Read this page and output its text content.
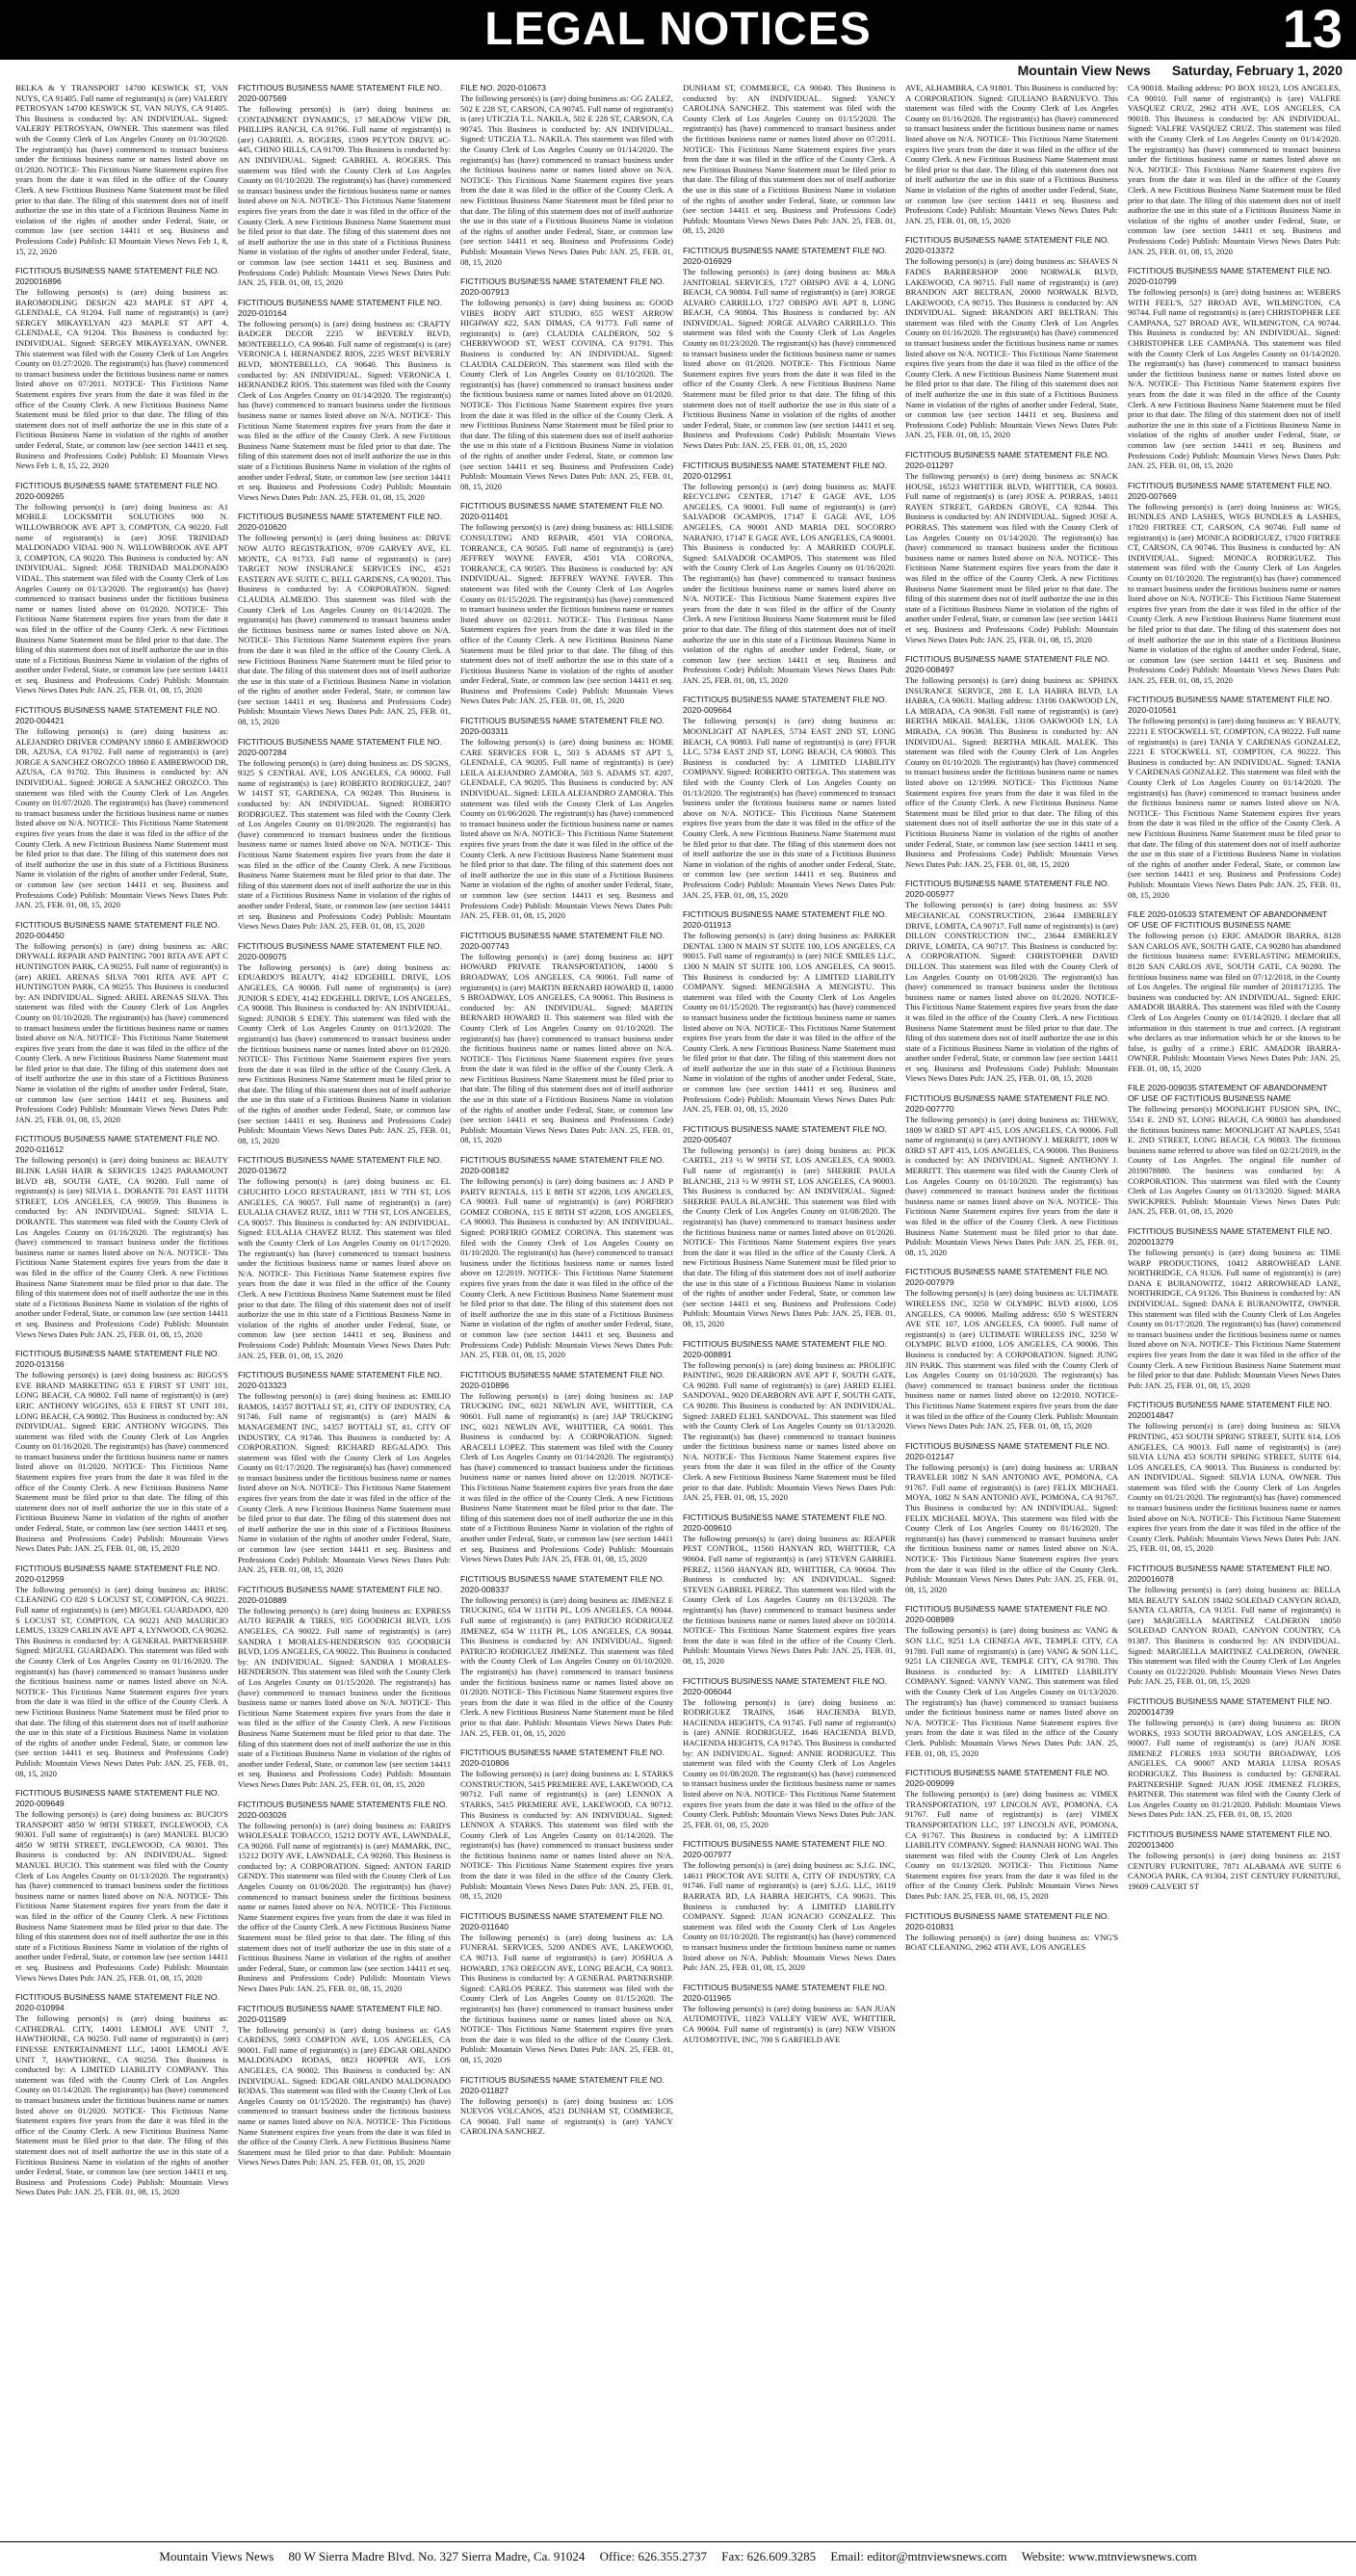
LEGAL NOTICES	13
Mountain View News Saturday, February 1, 2020

BELKA & Y TRANSPORT 14700 KESWICK ST, VAN NUYS, CA 91405. Full name of registrant(s) is (are) VALERIY PETROSYAN 14700 KESWICK ST, VAN NUYS, CA 91405. This Business is conducted by: AN INDIVIDUAL. Signed: VALERIY PETROSYAN, OWNER. This statement was filed with the County Clerk of Los Angeles County on 01/30/2020. The registrant(s) has (have) commenced to transact business under the fictitious business name or names listed above on 01/2020. NOTICE- This Fictitious Name Statement expires five years from the date it was filed in the office of the County Clerk. A new Fictitious Business Name Statement must be filed prior to that date. The filing of this statement does not of itself authorize the use in this state of a Fictitious Business Name in violation of the rights of another under Federal, State, or common law (see section 14411 et seq. Business and Professions Code) Publish: El Mountain Views News Feb 1, 8, 15, 22, 2020

FICTITIOUS BUSINESS NAME STATEMENT FILE NO. 2020016896

The following person(s) is (are) doing business as: BAROMODLING DESIGN 423 MAPLE ST APT 4, GLENDALE, CA 91204. Full name of registrant(s) is (are) SERGEY MIKAYELYAN 423 MAPLE ST APT 4, GLENDALE, CA 91204. This Business is conducted by: INDIVIDUAL. Signed: SERGEY MIKAYELYAN, OWNER. This statement was filed with the County Clerk of Los Angeles County on 01/27/2020. The registrant(s) has (have) commenced to transact business under the fictitious business name or names listed above on 07/2011. NOTICE- This Fictitious Name Statement expires five years from the date it was filed in the office of the County Clerk. A new Fictitious Business Name Statement must be filed prior to that date. The filing of this statement does not of itself authorize the use in this state of a Fictitious Business Name in violation of the rights of another under Federal, State, or common law (see section 14411 et seq. Business and Professions Code) Publish: El Mountain Views News Feb 1, 8, 15, 22, 2020

FICTITIOUS BUSINESS NAME STATEMENT FILE NO. 2020-009265

The following person(s) is (are) doing business as: A1 MOBILE LOCKSMITH SOLUTIONS 900 N. WILLOWBROOK AVE APT 3, COMPTON, CA 90220. Full name of registrant(s) is (are) JOSE TRINIDAD MALDONADO VIDAL 900 N. WILLOWBROOK AVE APT 3, COMPTON, CA 90220. This Business is conducted by: AN INDIVIDUAL. Signed: JOSE TRINIDAD MALDONADO VIDAL. This statement was filed with the County Clerk of Los Angeles County on 01/13/2020. The registrant(s) has (have) commenced to transact business under the fictitious business name or names listed above on 01/2020. NOTICE- This Fictitious Name Statement expires five years from the date it was filed in the office of the County Clerk. A new Fictitious Business Name Statement must be filed prior to that date. The filing of this statement does not of itself authorize the use in this state of a Fictitious Business Name in violation of the rights of another under Federal, State, or common law (see section 14411 et seq. Business and Professions Code) Publish: Mountain Views News Dates Pub: JAN. 25, FEB. 01, 08, 15, 2020

FICTITIOUS BUSINESS NAME STATEMENT FILE NO. 2020-004421

The following person(s) is (are) doing business as: ALEJANDRO DRIVER COMPANY 18860 E AMBERWOOD DR, AZUSA, CA 91702. Full name of registrant(s) is (are) JORGE A SANCHEZ OROZCO 18860 E AMBERWOOD DR, AZUSA, CA 91702. This Business is conducted by: AN INDIVIDUAL. Signed: JORGE A SANCHEZ OROZCO. This statement was filed with the County Clerk of Los Angeles County on 01/07/2020. The registrant(s) has (have) commenced to transact business under the fictitious business name or names listed above on N/A. NOTICE- This Fictitious Name Statement expires five years from the date it was filed in the office of the County Clerk. A new Fictitious Business Name Statement must be filed prior to that date. The filing of this statement does not of itself authorize the use in this state of a Fictitious Business Name in violation of the rights of another under Federal, State, or common law (see section 14411 et seq. Business and Professions Code) Publish: Mountain Views News Dates Pub: JAN. 25, FEB. 01, 08, 15, 2020

FICTITIOUS BUSINESS NAME STATEMENT FILE NO. 2020-004450

The following person(s) is (are) doing business as: ARC DRYWALL REPAIR AND PAINTING 7001 RITA AVE APT C HUNTINGTON PARK, CA 90255. Full name of registrant(s) is (are) ARIEL ARENAS SILVA 7001 RITA AVE APT C HUNTINGTON PARK, CA 90255. This Business is conducted by: AN INDIVIDUAL. Signed: ARIEL ARENAS SILVA. This statement was filed with the County Clerk of Los Angeles County on 01/10/2020. The registrant(s) has (have) commenced to transact business under the fictitious business name or names listed above on N/A. NOTICE- This Fictitious Name Statement expires five years from the date it was filed in the office of the County Clerk. A new Fictitious Business Name Statement must be filed prior to that date. The filing of this statement does not of itself authorize the use in this state of a Fictitious Business Name in violation of the rights of another under Federal, State, or common law (see section 14411 et seq. Business and Professions Code) Publish: Mountain Views News Dates Pub: JAN. 25, FEB. 01, 08, 15, 2020

FICTITIOUS BUSINESS NAME STATEMENT FILE NO. 2020-011612

The following person(s) is (are) doing business as: BEAUTY BLINK LASH HAIR & SERVICES 12425 PARAMOUNT BLVD #B, SOUTH GATE, CA 90280. Full name of registrant(s) is (are) SILVIA L. DORANTE 701 EAST 111TH STREET, LOS ANGELES, CA 90059. This Business is conducted by: AN INDIVIDUAL. Signed: SILVIA L. DORANTE. This statement was filed with the County Clerk of Los Angeles County on 01/16/2020. The registrant(s) has (have) commenced to transact business under the fictitious business name or names listed above on N/A. NOTICE- This Fictitious Name Statement expires five years from the date it was filed in the office of the County Clerk. A new Fictitious Business Name Statement must be filed prior to that date. The filing of this statement does not of itself authorize the use in this state of a Fictitious Business Name in violation of the rights of another under Federal, State, or common law (see section 14411 et seq. Business and Professions Code) Publish: Mountain Views News Dates Pub: JAN. 25, FEB. 01, 08, 15, 2020

FICTITIOUS BUSINESS NAME STATEMENT FILE NO. 2020-013156

The following person(s) is (are) doing business as: BIGGS'S EVE BRAND MARKETING 653 E FIRST ST UNIT 101, LONG BEACH, CA 90802. Full name of registrant(s) is (are) ERIC ANTHONY WIGGINS, 653 E FIRST ST UNIT 101, LONG BEACH, CA 90802. This Business is conducted by: AN INDIVIDUAL. Signed: ERIC ANTHONY WIGGINS. This statement was filed with the County Clerk of Los Angeles County on 01/16/2020. The registrant(s) has (have) commenced to transact business under the fictitious business name or names listed above on 01/2020. NOTICE- This Fictitious Name Statement expires five years from the date it was filed in the office of the County Clerk. A new Fictitious Business Name Statement must be filed prior to that date. The filing of this statement does not of itself authorize the use in this state of a Fictitious Business Name in violation of the rights of another under Federal, State, or common law (see section 14411 et seq. Business and Professions Code) Publish: Mountain Views News Dates Pub: JAN. 25, FEB. 01, 08, 15, 2020

FICTITIOUS BUSINESS NAME STATEMENT FILE NO. 2020-012959

The following person(s) is (are) doing business as: BRISC CLEANING CO 820 S LOCUST ST, COMPTON, CA 90221. Full name of registrant(s) is (are) MIGUEL GUARDADO, 820 S LOCUST ST, COMPTON, CA 90221 AND MAURICIO LEMUS, 13329 CARLIN AVE APT 4, LYNWOOD, CA 90262. This Business is conducted by: A GENERAL PARTNERSHIP. Signed: MIGUEL GUARDADO. This statement was filed with the County Clerk of Los Angeles County on 01/16/2020. The registrant(s) has (have) commenced to transact business under the fictitious business name or names listed above on N/A. NOTICE- This Fictitious Name Statement expires five years from the date it was filed in the office of the County Clerk. A new Fictitious Business Name Statement must be filed prior to that date. The filing of this statement does not of itself authorize the use in this state of a Fictitious Business Name in violation of the rights of another under Federal, State, or common law (see section 14411 et seq. Business and Professions Code) Publish: Mountain Views News Dates Pub: JAN. 25, FEB. 01, 08, 15, 2020

FICTITIOUS BUSINESS NAME STATEMENT FILE NO. 2020-009649

The following person(s) is (are) doing business as: BUCIO'S TRANSPORT 4850 W 98TH STREET, INGLEWOOD, CA 90301. Full name of registrant(s) is (are) MANUEL BUCIO 4850 W 98TH STREET, INGLEWOOD, CA 90301. This Business is conducted by: AN INDIVIDUAL. Signed: MANUEL BUCIO. This statement was filed with the County Clerk of Los Angeles County on 01/13/2020. The registrant(s) has (have) commenced to transact business under the fictitious business name or names listed above on N/A. NOTICE- This Fictitious Name Statement expires five years from the date it was filed in the office of the County Clerk. A new Fictitious Business Name Statement must be filed prior to that date. The filing of this statement does not of itself authorize the use in this state of a Fictitious Business Name in violation of the rights of another under Federal, State, or common law (see section 14411 et seq. Business and Professions Code) Publish: Mountain Views News Dates Pub: JAN. 25, FEB. 01, 08, 15, 2020

FICTITIOUS BUSINESS NAME STATEMENT FILE NO. 2020-010994

The following person(s) is (are) doing business as: CATHEDRAL CITY, 14001 LEMOLI AVE UNIT 7, HAWTHORNE, CA 90250. Full name of registrant(s) is (are) FINESSE ENTERTAINMENT LLC, 14001 LEMOLI AVE UNIT 7, HAWTHORNE, CA 90250. This Business is conducted by: A LIMITED LIABILITY COMPANY. This statement was filed with the County Clerk of Los Angeles County on 01/14/2020. The registrant(s) has (have) commenced to transact business under the fictitious business name or names listed above on 01/2020. NOTICE- This Fictitious Name Statement expires five years from the date it was filed in the office of the County Clerk. A new Fictitious Business Name Statement must be filed prior to that date. The filing of this statement does not of itself authorize the use in this state of a Fictitious Business Name in violation of the rights of another under Federal, State, or common law (see section 14411 et seq. Business and Professions Code) Publish: Mountain Views News Dates Pub: JAN. 25, FEB. 01, 08, 15, 2020

FICTITIOUS BUSINESS NAME STATEMENT FILE NO. 2020-007569

The following person(s) is (are) doing business as: CONTAINMENT DYNAMICS, 17 MEADOW VIEW DR, PHILLIPS RANCH, CA 91766. Full name of registrant(s) is (are) GABRIEL A. ROGERS, 15909 PEYTON DRIVE #C-445, CHINO HILLS, CA 91709. This Business is conducted by: AN INDIVIDUAL. Signed: GABRIEL A. ROGERS. This statement was filed with the County Clerk of Los Angeles County on 01/10/2020. The registrant(s) has (have) commenced to transact business under the fictitious business name or names listed above on N/A. NOTICE- This Fictitious Name Statement expires five years from the date it was filed in the office of the County Clerk. A new Fictitious Business Name Statement must be filed prior to that date. The filing of this statement does not of itself authorize the use in this state of a Fictitious Business Name in violation of the rights of another under Federal, State, or common law (see section 14411 et seq. Business and Professions Code) Publish: Mountain Views News Dates Pub: JAN. 25, FEB. 01, 08, 15, 2020

FICTITIOUS BUSINESS NAME STATEMENT FILE NO. 2020-010164

The following person(s) is (are) doing business as: CRAFTY BADGER DECOR 2235 W BEVERLY BLVD, MONTEBELLO, CA 90640. Full name of registrant(s) is (are) VERONICA I. HERNANDEZ RIOS, 2235 WEST BEVERLY BLVD, MONTEBELLO, CA 90640. This Business is conducted by: AN INDIVIDUAL. Signed: VERONICA I. HERNANDEZ RIOS. This statement was filed with the County Clerk of Los Angeles County on 01/14/2020. The registrant(s) has (have) commenced to transact business under the fictitious business name or names listed above on N/A. NOTICE- This Fictitious Name Statement expires five years from the date it was filed in the office of the County Clerk. A new Fictitious Business Name Statement must be filed prior to that date. The filing of this statement does not of itself authorize the use in this state of a Fictitious Business Name in violation of the rights of another under Federal, State, or common law (see section 14411 et seq. Business and Professions Code) Publish: Mountain Views News Dates Pub: JAN. 25, FEB. 01, 08, 15, 2020

FICTITIOUS BUSINESS NAME STATEMENT FILE NO. 2020-010620

The following person(s) is (are) doing business as: DRIVE NOW AUTO REGISTRATION, 9709 GARVEY AVE, EL MONTE, CA 91733. Full name of registrant(s) is (are) TARGET NOW INSURANCE SERVICES INC, 4521 EASTERN AVE SUITE C, BELL GARDENS, CA 90201. This Business is conducted by: A CORPORATION. Signed: CLAUDIA ALMEIDO. This statement was filed with the County Clerk of Los Angeles County on 01/14/2020. The registrant(s) has (have) commenced to transact business under the fictitious business name or names listed above on N/A. NOTICE- This Fictitious Name Statement expires five years from the date it was filed in the office of the County Clerk. A new Fictitious Business Name Statement must be filed prior to that date. The filing of this statement does not of itself authorize the use in this state of a Fictitious Business Name in violation of the rights of another under Federal, State, or common law (see section 14411 et seq. Business and Professions Code) Publish: Mountain Views News Dates Pub: JAN. 25, FEB. 01, 08, 15, 2020

FICTITIOUS BUSINESS NAME STATEMENT FILE NO. 2020-007284

The following person(s) is (are) doing business as: DS SIGNS, 9325 S CENTRAL AVE, LOS ANGELES, CA 90002. Full name of registrant(s) is (are) ROBERTO RODRIGUEZ, 2407 W 141ST ST, GARDENA, CA 90249. This Business is conducted by: AN INDIVIDUAL. Signed: ROBERTO RODRIGUEZ. This statement was filed with the County Clerk of Los Angeles County on 01/09/2020. The registrant(s) has (have) commenced to transact business under the fictitious business name or names listed above on N/A. NOTICE- This Fictitious Name Statement expires five years from the date it was filed in the office of the County Clerk. A new Fictitious Business Name Statement must be filed prior to that date. The filing of this statement does not of itself authorize the use in this state of a Fictitious Business Name in violation of the rights of another under Federal, State, or common law (see section 14411 et seq. Business and Professions Code) Publish: Mountain Views News Dates Pub: JAN. 25, FEB. 01, 08, 15, 2020

FICTITIOUS BUSINESS NAME STATEMENT FILE NO. 2020-009075

The following person(s) is (are) doing business as: EDUARDO'S BEAUTY, 4142 EDGEHILL DRIVE, LOS ANGELES, CA 90008. Full name of registrant(s) is (are) JUNIOR S EDEY, 4142 EDGEHILL DRIVE, LOS ANGELES, CA 90008. This Business is conducted by: AN INDIVIDUAL. Signed: JUNIOR S EDEY. This statement was filed with the County Clerk of Los Angeles County on 01/13/2020. The registrant(s) has (have) commenced to transact business under the fictitious business name or names listed above on 01/2020. NOTICE- This Fictitious Name Statement expires five years from the date it was filed in the office of the County Clerk. A new Fictitious Business Name Statement must be filed prior to that date. The filing of this statement does not of itself authorize the use in this state of a Fictitious Business Name in violation of the rights of another under Federal, State, or common law (see section 14411 et seq. Business and Professions Code) Publish: Mountain Views News Dates Pub: JAN. 25, FEB. 01, 08, 15, 2020

FICTITIOUS BUSINESS NAME STATEMENT FILE NO. 2020-013672

The following person(s) is (are) doing business as: EL CHUCHITO LOCO RESTAURANT, 1811 W 7TH ST, LOS ANGELES, CA 90057. Full name of registrant(s) is (are) EULALIA CHAVEZ RUIZ, 1811 W 7TH ST, LOS ANGELES, CA 90057. This Business is conducted by: AN INDIVIDUAL. Signed: EULALIA CHAVEZ RUIZ. This statement was filed with the County Clerk of Los Angeles County on 01/17/2020. The registrant(s) has (have) commenced to transact business under the fictitious business name or names listed above on N/A. NOTICE- This Fictitious Name Statement expires five years from the date it was filed in the office of the County Clerk. A new Fictitious Business Name Statement must be filed prior to that date. The filing of this statement does not of itself authorize the use in this state of a Fictitious Business Name in violation of the rights of another under Federal, State, or common law (see section 14411 et seq. Business and Professions Code) Publish: Mountain Views News Dates Pub: JAN. 25, FEB. 01, 08, 15, 2020

FICTITIOUS BUSINESS NAME STATEMENT FILE NO. 2020-013323

The following person(s) is (are) doing business as: EMILIO RAMOS, 14357 BOTTALI ST, #1, CITY OF INDUSTRY, CA 91746. Full name of registrant(s) is (are) MAIN & MANAGEMENT INC, 14357 BOTTALI ST, #1, CITY OF INDUSTRY, CA 91746. This Business is conducted by: A CORPORATION. Signed: RICHARD REGALADO. This statement was filed with the County Clerk of Los Angeles County on 01/17/2020. The registrant(s) has (have) commenced to transact business under the fictitious business name or names listed above on N/A. NOTICE- This Fictitious Name Statement expires five years from the date it was filed in the office of the County Clerk. A new Fictitious Business Name Statement must be filed prior to that date. The filing of this statement does not of itself authorize the use in this state of a Fictitious Business Name in violation of the rights of another under Federal, State, or common law (see section 14411 et seq. Business and Professions Code) Publish: Mountain Views News Dates Pub: JAN. 25, FEB. 01, 08, 15, 2020

FICTITIOUS BUSINESS NAME STATEMENT FILE NO. 2020-010889

The following person(s) is (are) doing business as: EXPRESS AUTO REPAIR & TIRES, 935 GOODRICH BLVD, LOS ANGELES, CA 90022. Full name of registrant(s) is (are) SANDRA I MORALES-HENDERSON 935 GOODRICH BLVD, LOS ANGELES, CA 90022. This Business is conducted by: AN INDIVIDUAL. Signed: SANDRA I MORALES-HENDERSON. This statement was filed with the County Clerk of Los Angeles County on 01/15/2020. The registrant(s) has (have) commenced to transact business under the fictitious business name or names listed above on N/A. NOTICE- This Fictitious Name Statement expires five years from the date it was filed in the office of the County Clerk. A new Fictitious Business Name Statement must be filed prior to that date. The filing of this statement does not of itself authorize the use in this state of a Fictitious Business Name in violation of the rights of another under Federal, State, or common law (see section 14411 et seq. Business and Professions Code) Publish: Mountain Views News Dates Pub: JAN. 25, FEB. 01, 08, 15, 2020

FICTITIOUS BUSINESS NAME STATEMENTS FILE NO. 2020-003026

The following person(s) is (are) doing business as: FARID'S WHOLESALE TOBACCO, 15212 DOTY AVE, LAWNDALE, CA 90260. Full name of registrant(s) is (are) MAMARK, INC, 15212 DOTY AVE, LAWNDALE, CA 90260. This Business is conducted by: A CORPORATION. Signed: ANTON FARID GENDY. This statement was filed with the County Clerk of Los Angeles County on 01/06/2020. The registrant(s) has (have) commenced to transact business under the fictitious business name or names listed above on N/A. NOTICE- This Fictitious Name Statement expires five years from the date it was filed in the office of the County Clerk. A new Fictitious Business Name Statement must be filed prior to that date. The filing of this statement does not of itself authorize the use in this state of a Fictitious Business Name in violation of the rights of another under Federal, State, or common law (see section 14411 et seq. Business and Professions Code) Publish: Mountain Views News Dates Pub: JAN. 25, FEB. 01, 08, 15, 2020

FICTITIOUS BUSINESS NAME STATEMENT FILE NO. 2020-011589

The following person(s) is (are) doing business as: GAS CARDENS, 5993 COMPTON AVE, LOS ANGELES, CA 90001. Full name of registrant(s) is (are) EDGAR ORLANDO MALDONADO RODAS, 8823 HOPPER AVE, LOS ANGELES, CA 90002. This Business is conducted by: AN INDIVIDUAL. Signed: EDGAR ORLANDO MALDONADO RODAS. This statement was filed with the County Clerk of Los Angeles County on 01/15/2020. The registrant(s) has (have) commenced to transact business under the fictitious business name or names listed above on N/A. NOTICE- This Fictitious Name Statement expires five years from the date it was filed in the office of the County Clerk. A new Fictitious Business Name Statement must be filed prior to that date. Publish: Mountain Views News Dates Pub: JAN. 25, FEB. 01, 08, 15, 2020

FILE NO. 2020-010673

The following person(s) is (are) doing business as: GG ZALEZ, 502 E 228 ST, CARSON, CA 90745. Full name of registrant(s) is (are) UTICZIA T.L. NAKILA, 502 E 228 ST, CARSON, CA 90745. This Business is conducted by: AN INDIVIDUAL. Signed: UTICZIA T.L. NAKILA. This statement was filed with the County Clerk of Los Angeles County on 01/14/2020. The registrant(s) has (have) commenced to transact business under the fictitious business name or names listed above on N/A. NOTICE- This Fictitious Name Statement expires five years from the date it was filed in the office of the County Clerk. A new Fictitious Business Name Statement must be filed prior to that date. The filing of this statement does not of itself authorize the use in this state of a Fictitious Business Name in violation of the rights of another under Federal, State, or common law (see section 14411 et seq. Business and Professions Code) Publish: Mountain Views News Dates Pub: JAN. 25, FEB. 01, 08, 15, 2020

FICTITIOUS BUSINESS NAME STATEMENT FILE NO. 2020-007913

The following person(s) is (are) doing business as: GOOD VIBES BODY ART STUDIO, 655 WEST ARROW HIGHWAY #22, SAN DIMAS, CA 91773. Full name of registrant(s) is (are) CLAUDIA CALDERON, 502 S CHERRYWOOD ST, WEST COVINA, CA 91791. This Business is conducted by: AN INDIVIDUAL. Signed: CLAUDIA CALDERON. This statement was filed with the County Clerk of Los Angeles County on 01/10/2020. The registrant(s) has (have) commenced to transact business under the fictitious business name or names listed above on 01/2020. NOTICE- This Fictitious Name Statement expires five years from the date it was filed in the office of the County Clerk. A new Fictitious Business Name Statement must be filed prior to that date. The filing of this statement does not of itself authorize the use in this state of a Fictitious Business Name in violation of the rights of another under Federal, State, or common law (see section 14411 et seq. Business and Professions Code) Publish: Mountain Views News Dates Pub: JAN. 25, FEB. 01, 08, 15, 2020

FICTITIOUS BUSINESS NAME STATEMENT FILE NO. 2020-011401

The following person(s) is (are) doing business as: HILLSIDE CONSULTING AND REPAIR, 4501 VIA CORONA, TORRANCE, CA 90505. Full name of registrant(s) is (are) JEFFREY WAYNE FAVER, 4501 VIA CORONA, TORRANCE, CA 90505. This Business is conducted by: AN INDIVIDUAL. Signed: JEFFREY WAYNE FAVER. This statement was filed with the County Clerk of Los Angeles County on 01/15/2020. The registrant(s) has (have) commenced to transact business under the fictitious business name or names listed above on 02/2011. NOTICE- This Fictitious Name Statement expires five years from the date it was filed in the office of the County Clerk. A new Fictitious Business Name Statement must be filed prior to that date. The filing of this statement does not of itself authorize the use in this state of a Fictitious Business Name in violation of the rights of another under Federal, State, or common law (see section 14411 et seq. Business and Professions Code) Publish: Mountain Views News Dates Pub: JAN. 25, FEB. 01, 08, 15, 2020

FICTITIOUS BUSINESS NAME STATEMENT FILE NO. 2020-003311

The following person(s) is (are) doing business as: HOME CARE SERVICES FOR L, 503 S ADAMS ST APT 5, GLENDALE, CA 90205. Full name of registrant(s) is (are) LEILA ALEJANDRO ZAMORA, 503 S. ADAMS ST. #207, GLENDALE, CA 90205. This Business is conducted by: AN INDIVIDUAL. Signed: LEILA ALEJANDRO ZAMORA. This statement was filed with the County Clerk of Los Angeles County on 01/06/2020. The registrant(s) has (have) commenced to transact business under the fictitious business name or names listed above on N/A. NOTICE- This Fictitious Name Statement expires five years from the date it was filed in the office of the County Clerk. A new Fictitious Business Name Statement must be filed prior to that date. The filing of this statement does not of itself authorize the use in this state of a Fictitious Business Name in violation of the rights of another under Federal, State, or common law (see section 14411 et seq. Business and Professions Code) Publish: Mountain Views News Dates Pub: JAN. 25, FEB. 01, 08, 15, 2020

FICTITIOUS BUSINESS NAME STATEMENT FILE NO. 2020-007743

The following person(s) is (are) doing business as: HPT HOWARD PRIVATE TRANSPORTATION, 14000 S BROADWAY, LOS ANGELES, CA 90061. Full name of registrant(s) is (are) MARTIN BERNARD HOWARD II, 14000 S BROADWAY, LOS ANGELES, CA 90061. This Business is conducted by: AN INDIVIDUAL. Signed: MARTIN BERNARD HOWARD II. This statement was filed with the County Clerk of Los Angeles County on 01/10/2020. The registrant(s) has (have) commenced to transact business under the fictitious business name or names listed above on N/A. NOTICE- This Fictitious Name Statement expires five years from the date it was filed in the office of the County Clerk. A new Fictitious Business Name Statement must be filed prior to that date. The filing of this statement does not of itself authorize the use in this state of a Fictitious Business Name in violation of the rights of another under Federal, State, or common law (see section 14411 et seq. Business and Professions Code) Publish: Mountain Views News Dates Pub: JAN. 25, FEB. 01, 08, 15, 2020

FICTITIOUS BUSINESS NAME STATEMENT FILE NO. 2020-008182

The following person(s) is (are) doing business as: J AND P PARTY RENTALS, 115 E 88TH ST #2208, LOS ANGELES, CA 90003. Full name of registrant(s) is (are) PORFIRIO GOMEZ CORONA, 115 E 88TH ST #2208, LOS ANGELES, CA 90003. This Business is conducted by: AN INDIVIDUAL. Signed: PORFIRIO GOMEZ CORONA. This statement was filed with the County Clerk of Los Angeles County on 01/10/2020. The registrant(s) has (have) commenced to transact business under the fictitious business name or names listed above on 12/2019. NOTICE- This Fictitious Name Statement expires five years from the date it was filed in the office of the County Clerk. A new Fictitious Business Name Statement must be filed prior to that date. The filing of this statement does not of itself authorize the use in this state of a Fictitious Business Name in violation of the rights of another under Federal, State, or common law (see section 14411 et seq. Business and Professions Code) Publish: Mountain Views News Dates Pub: JAN. 25, FEB. 01, 08, 15, 2020

FICTITIOUS BUSINESS NAME STATEMENT FILE NO. 2020-010896

The following person(s) is (are) doing business as: JAP TRUCKING INC, 6021 NEWLIN AVE, WHITTIER, CA 90601. Full name of registrant(s) is (are) JAP TRUCKING INC, 6021 NEWLIN AVE, WHITTIER, CA 90601. This Business is conducted by: A CORPORATION. Signed: ARACELI LOPEZ. This statement was filed with the County Clerk of Los Angeles County on 01/14/2020. The registrant(s) has (have) commenced to transact business under the fictitious business name or names listed above on 12/2019. NOTICE- This Fictitious Name Statement expires five years from the date it was filed in the office of the County Clerk. A new Fictitious Business Name Statement must be filed prior to that date. The filing of this statement does not of itself authorize the use in this state of a Fictitious Business Name in violation of the rights of another under Federal, State, or common law (see section 14411 et seq. Business and Professions Code) Publish: Mountain Views News Dates Pub: JAN. 25, FEB. 01, 08, 15, 2020

FICTITIOUS BUSINESS NAME STATEMENT FILE NO. 2020-008337

The following person(s) is (are) doing business as: JIMENEZ E TRUCKING, 654 W 111TH PL, LOS ANGELES, CA 90044. Full name of registrant(s) is (are) PATRICIO RODRIGUEZ JIMENEZ, 654 W 111TH PL, LOS ANGELES, CA 90044. This Business is conducted by: AN INDIVIDUAL. Signed: PATRICIO RODRIGUEZ JIMENEZ. This statement was filed with the County Clerk of Los Angeles County on 01/10/2020. The registrant(s) has (have) commenced to transact business under the fictitious business name or names listed above on 01/2020. NOTICE- This Fictitious Name Statement expires five years from the date it was filed in the office of the County Clerk. A new Fictitious Business Name Statement must be filed prior to that date. Publish: Mountain Views News Dates Pub: JAN. 25, FEB. 01, 08, 15, 2020

FICTITIOUS BUSINESS NAME STATEMENT FILE NO. 2020-010806

The following person(s) is (are) doing business as: L STARKS CONSTRUCTION, 5415 PREMIERE AVE, LAKEWOOD, CA 90712. Full name of registrant(s) is (are) LENNOX A STARKS, 5415 PREMIERE AVE, LAKEWOOD, CA 90712. This Business is conducted by: AN INDIVIDUAL. Signed: LENNOX A STARKS. This statement was filed with the County Clerk of Los Angeles County on 01/14/2020. The registrant(s) has (have) commenced to transact business under the fictitious business name or names listed above on N/A. NOTICE- This Fictitious Name Statement expires five years from the date it was filed in the office of the County Clerk. Publish: Mountain Views News Dates Pub: JAN. 25, FEB. 01, 08, 15, 2020

FICTITIOUS BUSINESS NAME STATEMENT FILE NO. 2020-011640

The following person(s) is (are) doing business as: LA FUNERAL SERVICES, 5200 ANDES AVE, LAKEWOOD, CA 90713. Full name of registrant(s) is (are) JOSHUA A HOWARD, 1763 OREGON AVE, LONG BEACH, CA 90813. This Business is conducted by: A GENERAL PARTNERSHIP. Signed: CARLOS PEREZ. This statement was filed with the County Clerk of Los Angeles County on 01/15/2020. The registrant(s) has (have) commenced to transact business under the fictitious business name or names listed above on N/A. NOTICE- This Fictitious Name Statement expires five years from the date it was filed in the office of the County Clerk. Publish: Mountain Views News Dates Pub: JAN. 25, FEB. 01, 08, 15, 2020

FICTITIOUS BUSINESS NAME STATEMENT FILE NO. 2020-011827

The following person(s) is (are) doing business as: LOS NUEVOS VOLCANOS, 4521 DUNHAM ST, COMMERCE, CA 90040. Full name of registrant(s) is (are) YANCY CAROLINA SANCHEZ.

DUNHAM ST, COMMERCE, CA 90040. This Business is conducted by: AN INDIVIDUAL. Signed: YANCY CAROLINA SANCHEZ. This statement was filed with the County Clerk of Los Angeles County on 01/15/2020. The registrant(s) has (have) commenced to transact business under the fictitious business name or names listed above on 07/2011. NOTICE- This Fictitious Name Statement expires five years from the date it was filed in the office of the County Clerk. A new Fictitious Business Name Statement must be filed prior to that date. The filing of this statement does not of itself authorize the use in this state of a Fictitious Business Name in violation of the rights of another under Federal, State, or common law (see section 14411 et seq. Business and Professions Code) Publish: Mountain Views News Dates Pub: JAN. 25, FEB. 01, 08, 15, 2020

FICTITIOUS BUSINESS NAME STATEMENT FILE NO. 2020-016929

The following person(s) is (are) doing business as: M&A JANITORIAL SERVICES, 1727 OBISPO AVE # 4, LONG BEACH, CA 90804. Full name of registrant(s) is (are) JORGE ALVARO CARRILLO, 1727 OBISPO AVE APT 8, LONG BEACH, CA 90804. This Business is conducted by: AN INDIVIDUAL. Signed: JORGE ALVARO CARRILLO. This statement was filed with the County Clerk of Los Angeles County on 01/23/2020. The registrant(s) has (have) commenced to transact business under the fictitious business name or names listed above on 01/2020. NOTICE- This Fictitious Name Statement expires five years from the date it was filed in the office of the County Clerk. A new Fictitious Business Name Statement must be filed prior to that date. The filing of this statement does not of itself authorize the use in this state of a Fictitious Business Name in violation of the rights of another under Federal, State, or common law (see section 14411 et seq. Business and Professions Code) Publish: Mountain Views News Dates Pub: JAN. 25, FEB. 01, 08, 15, 2020

FICTITIOUS BUSINESS NAME STATEMENT FILE NO. 2020-012951

The following person(s) is (are) doing business as: MAFE RECYCLING CENTER, 17147 E GAGE AVE, LOS ANGELES, CA 90001. Full name of registrant(s) is (are) SALVADOR OCAMPOS, 17147 E GAGE AVE, LOS ANGELES, CA 90001 AND MARIA DEL SOCORRO NARANJO, 17147 E GAGE AVE, LOS ANGELES, CA 90001. This Business is conducted by: A MARRIED COUPLE. Signed: SALVADOR OCAMPOS. This statement was filed with the County Clerk of Los Angeles County on 01/16/2020. The registrant(s) has (have) commenced to transact business under the fictitious business name or names listed above on N/A. NOTICE- This Fictitious Name Statement expires five years from the date it was filed in the office of the County Clerk. A new Fictitious Business Name Statement must be filed prior to that date. The filing of this statement does not of itself authorize the use in this state of a Fictitious Business Name in violation of the rights of another under Federal, State, or common law (see section 14411 et seq. Business and Professions Code) Publish: Mountain Views News Dates Pub: JAN. 25, FEB. 01, 08, 15, 2020

FICTITIOUS BUSINESS NAME STATEMENT FILE NO. 2020-009664

The following person(s) is (are) doing business as: MOONLIGHT AT NAPLES, 5734 EAST 2ND ST, LONG BEACH, CA 90803. Full name of registrant(s) is (are) FFUR LLC, 5734 EAST 2ND ST, LONG BEACH, CA 90803. This Business is conducted by: A LIMITED LIABILITY COMPANY. Signed: ROBERTO ORTEGA. This statement was filed with the County Clerk of Los Angeles County on 01/13/2020. The registrant(s) has (have) commenced to transact business under the fictitious business name or names listed above on N/A. NOTICE- This Fictitious Name Statement expires five years from the date it was filed in the office of the County Clerk. A new Fictitious Business Name Statement must be filed prior to that date. The filing of this statement does not of itself authorize the use in this state of a Fictitious Business Name in violation of the rights of another under Federal, State, or common law (see section 14411 et seq. Business and Professions Code) Publish: Mountain Views News Dates Pub: JAN. 25, FEB. 01, 08, 15, 2020

FICTITIOUS BUSINESS NAME STATEMENT FILE NO. 2020-011913

The following person(s) is (are) doing business as: PARKER DENTAL 1300 N MAIN ST SUITE 100, LOS ANGELES, CA 90015. Full name of registrant(s) is (are) NICE SMILES LLC, 1300 N MAIN ST SUITE 100, LOS ANGELES, CA 90015. This Business is conducted by: A LIMITED LIABILITY COMPANY. Signed: MENGESHA A MENGISTU. This statement was filed with the County Clerk of Los Angeles County on 01/15/2020. The registrant(s) has (have) commenced to transact business under the fictitious business name or names listed above on N/A. NOTICE- This Fictitious Name Statement expires five years from the date it was filed in the office of the County Clerk. A new Fictitious Business Name Statement must be filed prior to that date. The filing of this statement does not of itself authorize the use in this state of a Fictitious Business Name in violation of the rights of another under Federal, State, or common law (see section 14411 et seq. Business and Professions Code) Publish: Mountain Views News Dates Pub: JAN. 25, FEB. 01, 08, 15, 2020

FICTITIOUS BUSINESS NAME STATEMENT FILE NO. 2020-005407

The following person(s) is (are) doing business as: PICK CARTEL, 213 ½ W 99TH ST, LOS ANGELES, CA 90003. Full name of registrant(s) is (are) SHERRIE PAULA BLANCHE, 213 ½ W 99TH ST, LOS ANGELES, CA 90003. This Business is conducted by: AN INDIVIDUAL. Signed: SHERRIE PAULA BLANCHE. This statement was filed with the County Clerk of Los Angeles County on 01/08/2020. The registrant(s) has (have) commenced to transact business under the fictitious business name or names listed above on 01/2020. NOTICE- This Fictitious Name Statement expires five years from the date it was filed in the office of the County Clerk. A new Fictitious Business Name Statement must be filed prior to that date. The filing of this statement does not of itself authorize the use in this state of a Fictitious Business Name in violation of the rights of another under Federal, State, or common law (see section 14411 et seq. Business and Professions Code) Publish: Mountain Views News Dates Pub: JAN. 25, FEB. 01, 08, 15, 2020

FICTITIOUS BUSINESS NAME STATEMENT FILE NO. 2020-008891

The following person(s) is (are) doing business as: PROLIFIC PAINTING, 9020 DEARBORN AVE APT F, SOUTH GATE, CA 90280. Full name of registrant(s) is (are) JARED ELIEL SANDOVAL, 9020 DEARBORN AVE APT F, SOUTH GATE, CA 90280. This Business is conducted by: AN INDIVIDUAL. Signed: JARED ELIEL SANDOVAL. This statement was filed with the County Clerk of Los Angeles County on 01/13/2020. The registrant(s) has (have) commenced to transact business under the fictitious business name or names listed above on N/A. NOTICE- This Fictitious Name Statement expires five years from the date it was filed in the office of the County Clerk. A new Fictitious Business Name Statement must be filed prior to that date. Publish: Mountain Views News Dates Pub: JAN. 25, FEB. 01, 08, 15, 2020

FICTITIOUS BUSINESS NAME STATEMENT FILE NO. 2020-009610

The following person(s) is (are) doing business as: REAPER PEST CONTROL, 11560 HANYAN RD, WHITTIER, CA 90604. Full name of registrant(s) is (are) STEVEN GABRIEL PEREZ, 11560 HANYAN RD, WHITTIER, CA 90604. This Business is conducted by: AN INDIVIDUAL. Signed: STEVEN GABRIEL PEREZ. This statement was filed with the County Clerk of Los Angeles County on 01/13/2020. The registrant(s) has (have) commenced to transact business under the fictitious business name or names listed above on 10/2014. NOTICE- This Fictitious Name Statement expires five years from the date it was filed in the office of the County Clerk. Publish: Mountain Views News Dates Pub: JAN. 25, FEB. 01, 08, 15, 2020

FICTITIOUS BUSINESS NAME STATEMENT FILE NO. 2020-006044

The following person(s) is (are) doing business as: RODRIGUEZ TRAINS, 1646 HACIENDA BLVD, HACIENDA HEIGHTS, CA 91745. Full name of registrant(s) is (are) ANNIE RODRIGUEZ, 1646 HACIENDA BLVD, HACIENDA HEIGHTS, CA 91745. This Business is conducted by: AN INDIVIDUAL. Signed: ANNIE RODRIGUEZ. This statement was filed with the County Clerk of Los Angeles County on 01/08/2020. The registrant(s) has (have) commenced to transact business under the fictitious business name or names listed above on N/A. NOTICE- This Fictitious Name Statement expires five years from the date it was filed in the office of the County Clerk. Publish: Mountain Views News Dates Pub: JAN. 25, FEB. 01, 08, 15, 2020

FICTITIOUS BUSINESS NAME STATEMENT FILE NO. 2020-007977

The following person(s) is (are) doing business as: S.J.G. INC, 14611 PROCTOR AVE SUITE A, CITY OF INDUSTRY, CA 91746. Full name of registrant(s) is (are) S.J.G. LLC, 16119 BARRATA RD, LA HABRA HEIGHTS, CA 90631. This Business is conducted by: A LIMITED LIABILITY COMPANY. Signed: JUAN IGNACIO GONZALEZ. This statement was filed with the County Clerk of Los Angeles County on 01/10/2020. The registrant(s) has (have) commenced to transact business under the fictitious business name or names listed above on N/A. Publish: Mountain Views News Dates Pub: JAN. 25, FEB. 01, 08, 15, 2020

FICTITIOUS BUSINESS NAME STATEMENT FILE NO. 2020-011965

The following person(s) is (are) doing business as: SAN JUAN AUTOMOTIVE, 11823 VALLEY VIEW AVE, WHITTIER, CA 90604. Full name of registrant(s) is (are) NEW VISION AUTOMOTIVE, INC, 700 S GARFIELD AVE

AVE, ALHAMBRA, CA 91801. This Business is conducted by: A CORPORATION. Signed: GIULIANO BARNUEVO. This statement was filed with the County Clerk of Los Angeles County on 01/16/2020. The registrant(s) has (have) commenced to transact business under the fictitious business name or names listed above on N/A. NOTICE- This Fictitious Name Statement expires five years from the date it was filed in the office of the County Clerk. A new Fictitious Business Name Statement must be filed prior to that date. The filing of this statement does not of itself authorize the use in this state of a Fictitious Business Name in violation of the rights of another under Federal, State, or common law (see section 14411 et seq. Business and Professions Code) Publish: Mountain Views News Dates Pub: JAN. 25, FEB. 01, 08, 15, 2020

FICTITIOUS BUSINESS NAME STATEMENT FILE NO. 2020-013372

The following person(s) is (are) doing business as: SHAVES N FADES BARBERSHOP 2000 NORWALK BLVD, LAKEWOOD, CA 90715. Full name of registrant(s) is (are) BRANDON ART BELTRAN, 20000 NORWALK BLVD, LAKEWOOD, CA 90715. This Business is conducted by: AN INDIVIDUAL. Signed: BRANDON ART BELTRAN. This statement was filed with the County Clerk of Los Angeles County on 01/16/2020. The registrant(s) has (have) commenced to transact business under the fictitious business name or names listed above on N/A. NOTICE- This Fictitious Name Statement expires five years from the date it was filed in the office of the County Clerk. A new Fictitious Business Name Statement must be filed prior to that date. The filing of this statement does not of itself authorize the use in this state of a Fictitious Business Name in violation of the rights of another under Federal, State, or common law (see section 14411 et seq. Business and Professions Code) Publish: Mountain Views News Dates Pub: JAN. 25, FEB. 01, 08, 15, 2020

FICTITIOUS BUSINESS NAME STATEMENT FILE NO. 2020-011297

The following person(s) is (are) doing business as: SNACK HOUSE, 16523 WHITTIER BLVD, WHITTIER, CA 90603. Full name of registrant(s) is (are) JOSE A. PORRAS, 14011 RAYEN STREET, GARDEN GROVE, CA 92844. This Business is conducted by: AN INDIVIDUAL. Signed: JOSE A. PORRAS. This statement was filed with the County Clerk of Los Angeles County on 01/14/2020. The registrant(s) has (have) commenced to transact business under the fictitious business name or names listed above on N/A. NOTICE- This Fictitious Name Statement expires five years from the date it was filed in the office of the County Clerk. A new Fictitious Business Name Statement must be filed prior to that date. The filing of this statement does not of itself authorize the use in this state of a Fictitious Business Name in violation of the rights of another under Federal, State, or common law (see section 14411 et seq. Business and Professions Code) Publish: Mountain Views News Dates Pub: JAN. 25, FEB. 01, 08, 15, 2020

FICTITIOUS BUSINESS NAME STATEMENT FILE NO. 2020-008497

The following person(s) is (are) doing business as: SPHINX INSURANCE SERVICE, 288 E. LA HABRA BLVD, LA HABRA, CA 90631. Mailing address: 13106 OAKWOOD LN, LA MIRADA, CA 90638. Full name of registrant(s) is (are) BERTHA MIKAIL MALEK, 13106 OAKWOOD LN, LA MIRADA, CA 90638. This Business is conducted by: AN INDIVIDUAL. Signed: BERTHA MIKAIL MALEK. This statement was filed with the County Clerk of Los Angeles County on 01/10/2020. The registrant(s) has (have) commenced to transact business under the fictitious business name or names listed above on 12/1999. NOTICE- This Fictitious Name Statement expires five years from the date it was filed in the office of the County Clerk. A new Fictitious Business Name Statement must be filed prior to that date. The filing of this statement does not of itself authorize the use in this state of a Fictitious Business Name in violation of the rights of another under Federal, State, or common law (see section 14411 et seq. Business and Professions Code) Publish: Mountain Views News Dates Pub: JAN. 25, FEB. 01, 08, 15, 2020

FICTITIOUS BUSINESS NAME STATEMENT FILE NO. 2020-005977

The following person(s) is (are) doing business as: SSV MECHANICAL CONSTRUCTION, 23644 EMBERLEY DRIVE, LOMITA, CA 90717. Full name of registrant(s) is (are) DILLON CONSTRUCTION INC., 23644 EMBERLEY DRIVE, LOMITA, CA 90717. This Business is conducted by: A CORPORATION. Signed: CHRISTOPHER DAVID DILLON. This statement was filed with the County Clerk of Los Angeles County on 01/08/2020. The registrant(s) has (have) commenced to transact business under the fictitious business name or names listed above on 01/2020. NOTICE- This Fictitious Name Statement expires five years from the date it was filed in the office of the County Clerk. A new Fictitious Business Name Statement must be filed prior to that date. The filing of this statement does not of itself authorize the use in this state of a Fictitious Business Name in violation of the rights of another under Federal, State, or common law (see section 14411 et seq. Business and Professions Code) Publish: Mountain Views News Dates Pub: JAN. 25, FEB. 01, 08, 15, 2020

FICTITIOUS BUSINESS NAME STATEMENT FILE NO. 2020-007770

The following person(s) is (are) doing business as: THEWAY, 1809 W 83RD ST APT 415, LOS ANGELES, CA 90006. Full name of registrant(s) is (are) ANTHONY J. MERRITT, 1809 W 83RD ST APT 415, LOS ANGELES, CA 90006. This Business is conducted by: AN INDIVIDUAL. Signed: ANTHONY J. MERRITT. This statement was filed with the County Clerk of Los Angeles County on 01/10/2020. The registrant(s) has (have) commenced to transact business under the fictitious business name or names listed above on N/A. NOTICE- This Fictitious Name Statement expires five years from the date it was filed in the office of the County Clerk. A new Fictitious Business Name Statement must be filed prior to that date. Publish: Mountain Views News Dates Pub: JAN. 25, FEB. 01, 08, 15, 2020

FICTITIOUS BUSINESS NAME STATEMENT FILE NO. 2020-007979

The following person(s) is (are) doing business as: ULTIMATE WIRELESS INC, 3250 W OLYMPIC BLVD #1000, LOS ANGELES, CA 90006. Mailing address: 650 S WESTERN AVE STE 107, LOS ANGELES, CA 90005. Full name of registrant(s) is (are) ULTIMATE WIRELESS INC, 3250 W OLYMPIC BLVD #1000, LOS ANGELES, CA 90006. This Business is conducted by: A CORPORATION. Signed: JUNG JIN PARK. This statement was filed with the County Clerk of Los Angeles County on 01/10/2020. The registrant(s) has (have) commenced to transact business under the fictitious business name or names listed above on 12/2010. NOTICE- This Fictitious Name Statement expires five years from the date it was filed in the office of the County Clerk. Publish: Mountain Views News Dates Pub: JAN. 25, FEB. 01, 08, 15, 2020

FICTITIOUS BUSINESS NAME STATEMENT FILE NO. 2020-012147

The following person(s) is (are) doing business as: URBAN TRAVELER 1082 N SAN ANTONIO AVE, POMONA, CA 91767. Full name of registrant(s) is (are) FELIX MICHAEL MOYA, 1082 N SAN ANTONIO AVE, POMONA, CA 91767. This Business is conducted by: AN INDIVIDUAL. Signed: FELIX MICHAEL MOYA. This statement was filed with the County Clerk of Los Angeles County on 01/16/2020. The registrant(s) has (have) commenced to transact business under the fictitious business name or names listed above on N/A. NOTICE- This Fictitious Name Statement expires five years from the date it was filed in the office of the County Clerk. Publish: Mountain Views News Dates Pub: JAN. 25, FEB. 01, 08, 15, 2020

FICTITIOUS BUSINESS NAME STATEMENT FILE NO. 2020-008989

The following person(s) is (are) doing business as: VANG & SON LLC, 9251 LA CIENEGA AVE, TEMPLE CITY, CA 91780. Full name of registrant(s) is (are) VANG & SON LLC, 9251 LA CIENEGA AVE, TEMPLE CITY, CA 91780. This Business is conducted by: A LIMITED LIABILITY COMPANY. Signed: VANNY VANG. This statement was filed with the County Clerk of Los Angeles County on 01/13/2020. The registrant(s) has (have) commenced to transact business under the fictitious business name or names listed above on N/A. NOTICE- This Fictitious Name Statement expires five years from the date it was filed in the office of the County Clerk. Publish: Mountain Views News Dates Pub: JAN. 25, FEB. 01, 08, 15, 2020

FICTITIOUS BUSINESS NAME STATEMENT FILE NO. 2020-009099

The following person(s) is (are) doing business as: VIMEX TRANSPORTATION, 197 LINCOLN AVE, POMONA, CA 91767. Full name of registrant(s) is (are) VIMEX TRANSPORTATION LLC, 197 LINCOLN AVE, POMONA, CA 91767. This Business is conducted by: A LIMITED LIABILITY COMPANY. Signed: HANNAH HONG WAI. This statement was filed with the County Clerk of Los Angeles County on 01/13/2020. NOTICE- This Fictitious Name Statement expires five years from the date it was filed in the office of the County Clerk. Publish: Mountain Views News Dates Pub: JAN. 25, FEB. 01, 08, 15, 2020

FICTITIOUS BUSINESS NAME STATEMENT FILE NO. 2020-010831

The following person(s) is (are) doing business as: VNG'S BOAT CLEANING, 2962 4TH AVE, LOS ANGELES

CA 90018. Mailing address: PO BOX 10123, LOS ANGELES, CA 90010. Full name of registrant(s) is (are) VALFRE VASQUEZ CRUZ, 2962 4TH AVE, LOS ANGELES, CA 90018. This Business is conducted by: AN INDIVIDUAL. Signed: VALFRE VASQUEZ CRUZ. This statement was filed with the County Clerk of Los Angeles County on 01/14/2020. The registrant(s) has (have) commenced to transact business under the fictitious business name or names listed above on N/A. NOTICE- This Fictitious Name Statement expires five years from the date it was filed in the office of the County Clerk. A new Fictitious Business Name Statement must be filed prior to that date. The filing of this statement does not of itself authorize the use in this state of a Fictitious Business Name in violation of the rights of another under Federal, State, or common law (see section 14411 et seq. Business and Professions Code) Publish: Mountain Views News Dates Pub: JAN. 25, FEB. 01, 08, 15, 2020

FICTITIOUS BUSINESS NAME STATEMENT FILE NO. 2020-010799

The following person(s) is (are) doing business as: WEBERS WITH FEEL'S, 527 BROAD AVE, WILMINGTON, CA 90744. Full name of registrant(s) is (are) CHRISTOPHER LEE CAMPANA, 527 BROAD AVE, WILMINGTON, CA 90744. This Business is conducted by: AN INDIVIDUAL. Signed: CHRISTOPHER LEE CAMPANA. This statement was filed with the County Clerk of Los Angeles County on 01/14/2020. The registrant(s) has (have) commenced to transact business under the fictitious business name or names listed above on N/A. NOTICE- This Fictitious Name Statement expires five years from the date it was filed in the office of the County Clerk. A new Fictitious Business Name Statement must be filed prior to that date. The filing of this statement does not of itself authorize the use in this state of a Fictitious Business Name in violation of the rights of another under Federal, State, or common law (see section 14411 et seq. Business and Professions Code) Publish: Mountain Views News Dates Pub: JAN. 25, FEB. 01, 08, 15, 2020

FICTITIOUS BUSINESS NAME STATEMENT FILE NO. 2020-007669

The following person(s) is (are) doing business as: WIGS, BUNDLES AND LASHES, WIGS BUNDLES & LASHES, 17820 FIRTREE CT, CARSON, CA 90746. Full name of registrant(s) is (are) MONICA RODRIGUEZ, 17820 FIRTREE CT, CARSON, CA 90746. This Business is conducted by: AN INDIVIDUAL. Signed: MONICA RODRIGUEZ. This statement was filed with the County Clerk of Los Angeles County on 01/10/2020. The registrant(s) has (have) commenced to transact business under the fictitious business name or names listed above on N/A. NOTICE- This Fictitious Name Statement expires five years from the date it was filed in the office of the County Clerk. A new Fictitious Business Name Statement must be filed prior to that date. The filing of this statement does not of itself authorize the use in this state of a Fictitious Business Name in violation of the rights of another under Federal, State, or common law (see section 14411 et seq. Business and Professions Code) Publish: Mountain Views News Dates Pub: JAN. 25, FEB. 01, 08, 15, 2020

FICTITIOUS BUSINESS NAME STATEMENT FILE NO. 2020-010561

The following person(s) is (are) doing business as: Y BEAUTY, 22211 E STOCKWELL ST, COMPTON, CA 90222. Full name of registrant(s) is (are) TANIA Y CARDENAS GONZALEZ, 2221 E STOCKWELL ST, COMPTON, CA 90222. This Business is conducted by: AN INDIVIDUAL. Signed: TANIA Y CARDENAS GONZALEZ. This statement was filed with the County Clerk of Los Angeles County on 01/14/2020. The registrant(s) has (have) commenced to transact business under the fictitious business name or names listed above on N/A. NOTICE- This Fictitious Name Statement expires five years from the date it was filed in the office of the County Clerk. A new Fictitious Business Name Statement must be filed prior to that date. The filing of this statement does not of itself authorize the use in this state of a Fictitious Business Name in violation of the rights of another under Federal, State, or common law (see section 14411 et seq. Business and Professions Code) Publish: Mountain Views News Dates Pub: JAN. 25, FEB. 01, 08, 15, 2020

FILE 2020-010533 STATEMENT OF ABANDONMENT OF USE OF FICTITIOUS BUSINESS NAME

The following person (s) ERIC AMADOR IBARRA, 8128 SAN CARLOS AVE, SOUTH GATE, CA 90280 has abandoned the fictitious business name: EVERLASTING MEMORIES, 8128 SAN CARLOS AVE, SOUTH GATE, CA 90280. The fictitious business name was filed on 07/12/2018, in the County of Los Angeles. The original file number of 2018171235. The business was conducted by: AN INDIVIDUAL. Signed: ERIC AMADOR IBARRA. This statement was filed with the County Clerk of Los Angeles County on 01/14/2020. I declare that all information in this statement is true and correct. (A registrant who declares as true information which he or she knows to be false, is guilty of a crime.) ERIC AMADOR IBARRA-OWNER. Publish: Mountain Views News Dates Pub: JAN. 25, FEB. 01, 08, 15, 2020

FILE 2020-009035 STATEMENT OF ABANDONMENT OF USE OF FICTITIOUS BUSINESS NAME

The following person(s) MOONLIGHT FUSION SPA, INC, 5541 E. 2ND ST, LONG BEACH, CA 90803 has abandoned the fictitious business name: MOONLIGHT AT NAPLES, 5541 E. 2ND STREET, LONG BEACH, CA 90803. The fictitious business name referred to above was filed on 02/21/2019, in the County of Los Angeles. The original file number of 2019078880. The business was conducted by: A CORPORATION. This statement was filed with the County Clerk of Los Angeles County on 01/13/2020. Signed: MARA SWICKPRES. Publish: Mountain Views News Dates Pub: JAN. 25, FEB. 01, 08, 15, 2020

FICTITIOUS BUSINESS NAME STATEMENT FILE NO. 2020013279

The following person(s) is (are) doing business as: TIME WARP PRODUCTIONS, 10412 ARROWHEAD LANE NORTHRIDGE, CA 91326. Full name of registrant(s) is (are) DANA E BURANOWITZ, 10412 ARROWHEAD LANE, NORTHRIDGE, CA 91326. This Business is conducted by: AN INDIVIDUAL. Signed: DANA E BURANOWITZ, OWNER. This statement was filed with the County Clerk of Los Angeles County on 01/17/2020. The registrant(s) has (have) commenced to transact business under the fictitious business name or names listed above on N/A. NOTICE- This Fictitious Name Statement expires five years from the date it was filed in the office of the County Clerk. A new Fictitious Business Name Statement must be filed prior to that date. Publish: Mountain Views News Dates Pub: JAN. 25, FEB. 01, 08, 15, 2020

FICTITIOUS BUSINESS NAME STATEMENT FILE NO. 2020014847

The following person(s) is (are) doing business as: SILVA PRINTING, 453 SOUTH SPRING STREET, SUITE 614, LOS ANGELES, CA 90013. Full name of registrant(s) is (are) SILVIA LUNA 453 SOUTH SPRING STREET, SUITE 614, LOS ANGELES, CA 90013. This Business is conducted by: AN INDIVIDUAL. Signed: SILVIA LUNA, OWNER. This statement was filed with the County Clerk of Los Angeles County on 01/21/2020. The registrant(s) has (have) commenced to transact business under the fictitious business name or names listed above on N/A. NOTICE- This Fictitious Name Statement expires five years from the date it was filed in the office of the County Clerk. Publish: Mountain Views News Dates Pub: JAN. 25, FEB. 01, 08, 15, 2020

FICTITIOUS BUSINESS NAME STATEMENT FILE NO. 2020016078

The following person(s) is (are) doing business as: BELLA MIA BEAUTY SALON 18402 SOLEDAD CANYON ROAD, SANTA CLARITA, CA 91351. Full name of registrant(s) is (are) MARGIELLA MARTINEZ CALDERON 18050 SOLEDAD CANYON ROAD, CANYON COUNTRY, CA 91387. This Business is conducted by: AN INDIVIDUAL. Signed: MARGIELLA MARTINEZ CALDERON, OWNER. This statement was filed with the County Clerk of Los Angeles County on 01/22/2020. Publish: Mountain Views News Dates Pub: JAN. 25, FEB. 01, 08, 15, 2020

FICTITIOUS BUSINESS NAME STATEMENT FILE NO. 2020014739

The following person(s) is (are) doing business as: IRON WORKS, 1933 SOUTH BROADWAY, LOS ANGELES, CA 90007. Full name of registrant(s) is (are) JUAN JOSE JIMENEZ FLORES 1933 SOUTH BROADWAY, LOS ANGELES, CA 90007 AND MARIA LUISA ROSAS RODRIGUEZ. This Business is conducted by: GENERAL PARTNERSHIP. Signed: JUAN JOSE JIMENEZ FLORES, PARTNER. This statement was filed with the County Clerk of Los Angeles County on 01/21/2020. Publish: Mountain Views News Dates Pub: JAN. 25, FEB. 01, 08, 15, 2020

FICTITIOUS BUSINESS NAME STATEMENT FILE NO. 2020013400

The following person(s) is (are) doing business as: 21ST CENTURY FURNITURE, 7871 ALABAMA AVE SUITE 6 CANOGA PARK, CA 91304, 21ST CENTURY FURNITURE, 19609 CALVERT ST

Mountain Views News 80 W Sierra Madre Blvd. No. 327 Sierra Madre, Ca. 91024 Office: 626.355.2737 Fax: 626.609.3285 Email: editor@mtnviewsnews.com Website: www.mtnviewsnews.com
